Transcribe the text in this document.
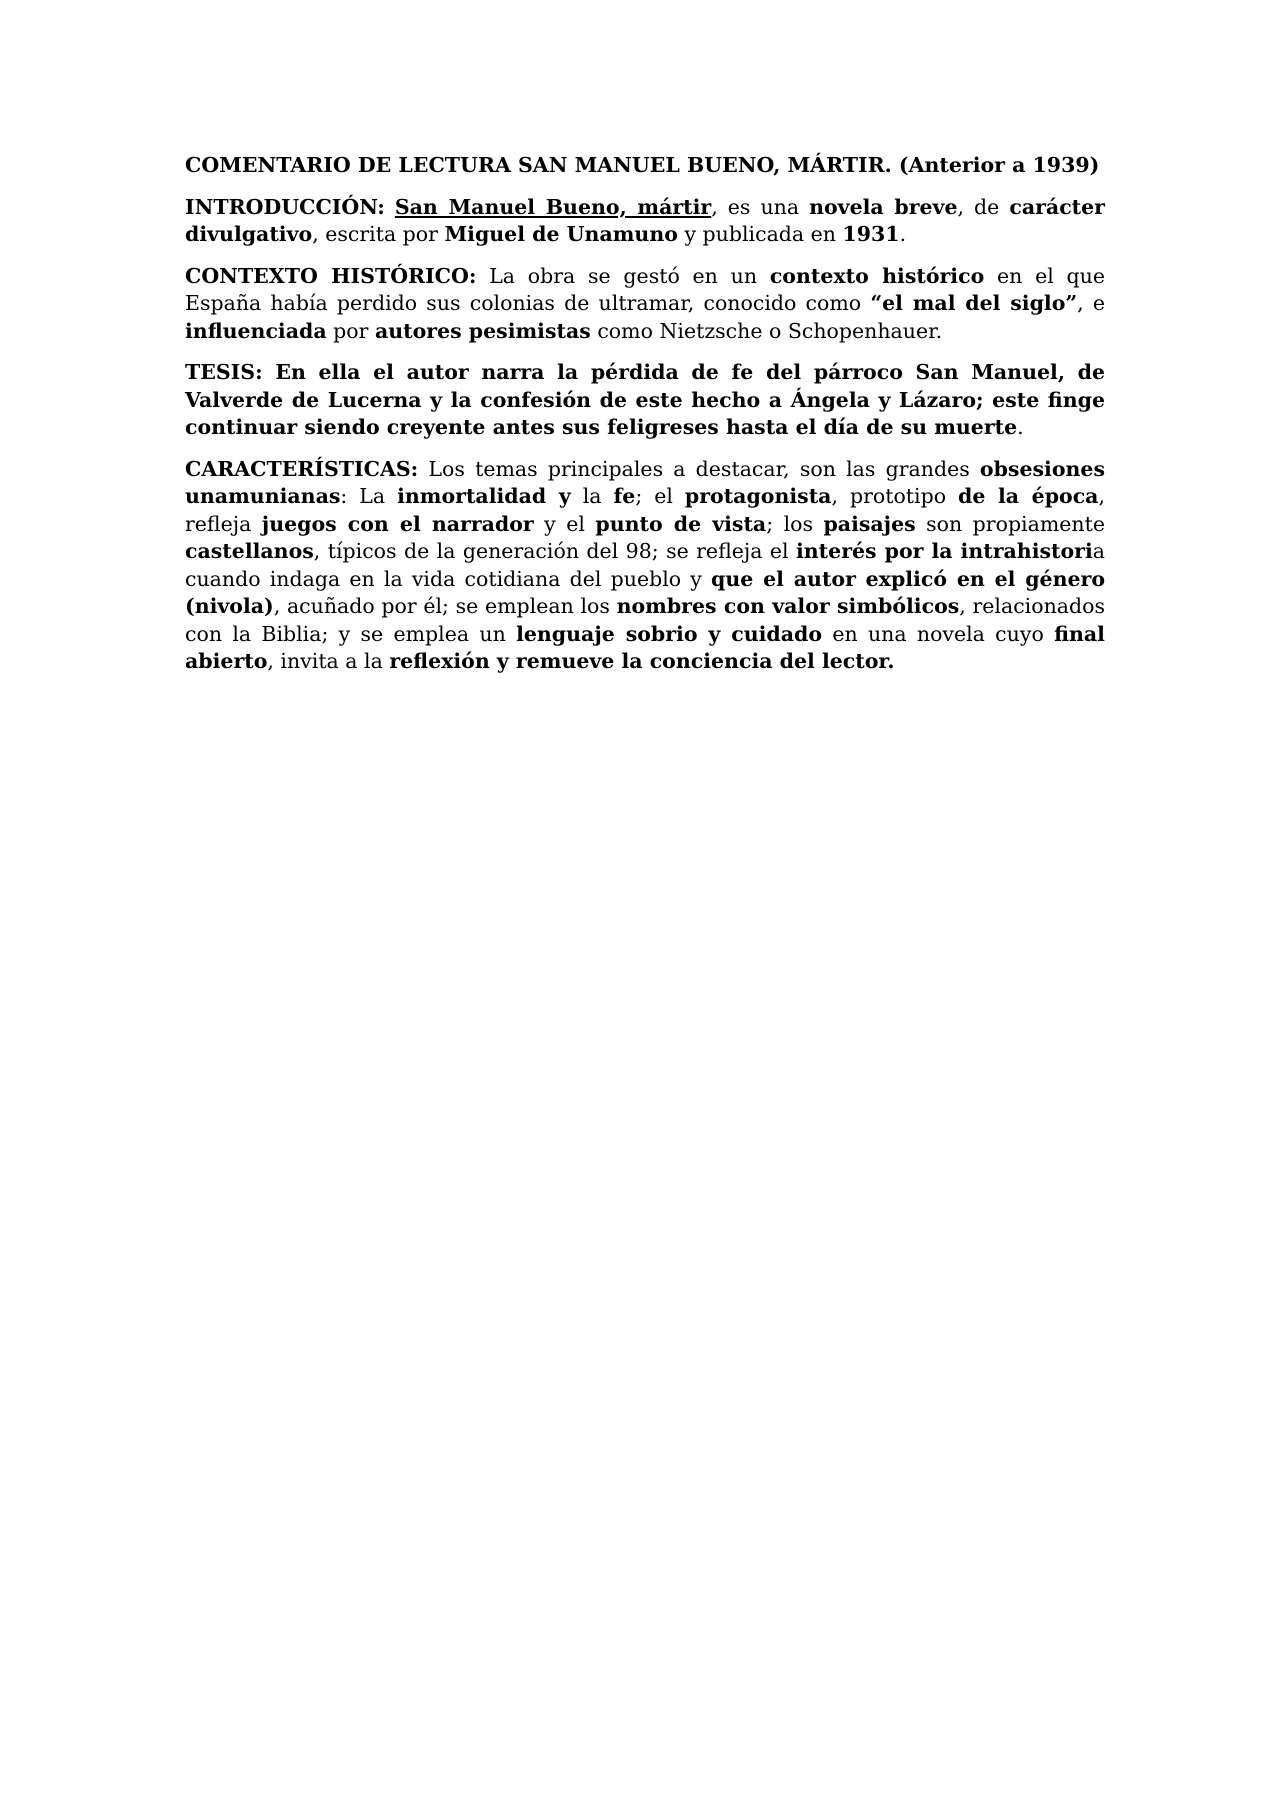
COMENTARIO DE LECTURA SAN MANUEL BUENO, MÁRTIR. (Anterior a 1939)

INTRODUCCIÓN: San Manuel Bueno, mártir, es una novela breve, de carácter divulgativo, escrita por Miguel de Unamuno y publicada en 1931.

CONTEXTO HISTÓRICO: La obra se gestó en un contexto histórico en el que España había perdido sus colonias de ultramar, conocido como “el mal del siglo”, e influenciada por autores pesimistas como Nietzsche o Schopenhauer.

TESIS: En ella el autor narra la pérdida de fe del párroco San Manuel, de Valverde de Lucerna y la confesión de este hecho a Ángela y Lázaro; este finge continuar siendo creyente antes sus feligreses hasta el día de su muerte.

CARACTERÍSTICAS: Los temas principales a destacar, son las grandes obsesiones unamunianas: La inmortalidad y la fe; el protagonista, prototipo de la época, refleja juegos con el narrador y el punto de vista; los paisajes son propiamente castellanos, típicos de la generación del 98; se refleja el interés por la intrahistoria cuando indaga en la vida cotidiana del pueblo y que el autor explicó en el género (nivola), acuñado por él; se emplean los nombres con valor simbólicos, relacionados con la Biblia; y se emplea un lenguaje sobrio y cuidado en una novela cuyo final abierto, invita a la reflexión y remueve la conciencia del lector.
